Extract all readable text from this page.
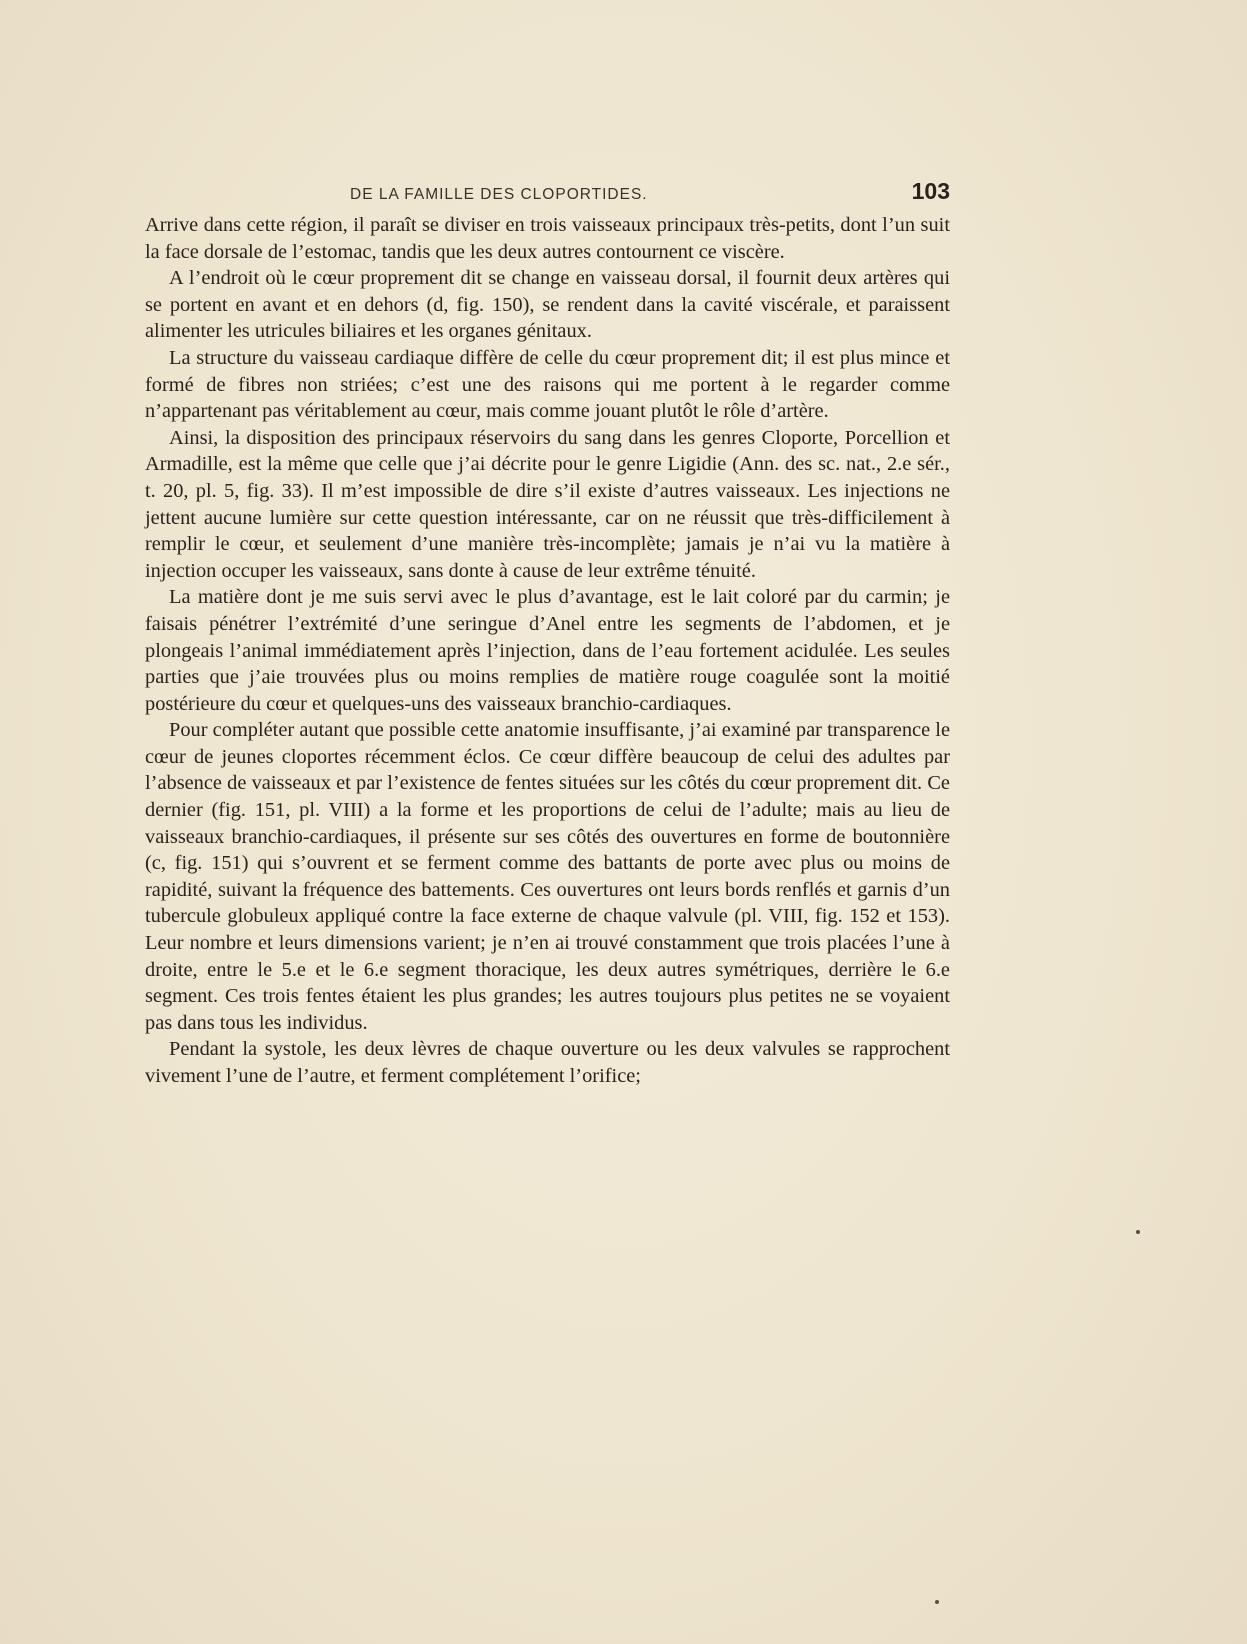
DE LA FAMILLE DES CLOPORTIDES.	103

Arrive dans cette région, il paraît se diviser en trois vaisseaux principaux très-petits, dont l’un suit la face dorsale de l’estomac, tandis que les deux autres contournent ce viscère.

A l’endroit où le cœur proprement dit se change en vaisseau dorsal, il fournit deux artères qui se portent en avant et en dehors (d, fig. 150), se rendent dans la cavité viscérale, et paraissent alimenter les utricules biliaires et les organes génitaux.

La structure du vaisseau cardiaque diffère de celle du cœur proprement dit; il est plus mince et formé de fibres non striées; c’est une des raisons qui me portent à le regarder comme n’appartenant pas véritablement au cœur, mais comme jouant plutôt le rôle d’artère.

Ainsi, la disposition des principaux réservoirs du sang dans les genres Cloporte, Porcellion et Armadille, est la même que celle que j’ai décrite pour le genre Ligidie (Ann. des sc. nat., 2.e sér., t. 20, pl. 5, fig. 33). Il m’est impossible de dire s’il existe d’autres vaisseaux. Les injections ne jettent aucune lumière sur cette question intéressante, car on ne réussit que très-difficilement à remplir le cœur, et seulement d’une manière très-incomplète; jamais je n’ai vu la matière à injection occuper les vaisseaux, sans donte à cause de leur extrême ténuité.

La matière dont je me suis servi avec le plus d’avantage, est le lait coloré par du carmin; je faisais pénétrer l’extrémité d’une seringue d’Anel entre les segments de l’abdomen, et je plongeais l’animal immédiatement après l’injection, dans de l’eau fortement acidulée. Les seules parties que j’aie trouvées plus ou moins remplies de matière rouge coagulée sont la moitié postérieure du cœur et quelques-uns des vaisseaux branchio-cardiaques.

Pour compléter autant que possible cette anatomie insuffisante, j’ai examiné par transparence le cœur de jeunes cloportes récemment éclos. Ce cœur diffère beaucoup de celui des adultes par l’absence de vaisseaux et par l’existence de fentes situées sur les côtés du cœur proprement dit. Ce dernier (fig. 151, pl. VIII) a la forme et les proportions de celui de l’adulte; mais au lieu de vaisseaux branchio-cardiaques, il présente sur ses côtés des ouvertures en forme de boutonnière (c, fig. 151) qui s’ouvrent et se ferment comme des battants de porte avec plus ou moins de rapidité, suivant la fréquence des battements. Ces ouvertures ont leurs bords renflés et garnis d’un tubercule globuleux appliqué contre la face externe de chaque valvule (pl. VIII, fig. 152 et 153). Leur nombre et leurs dimensions varient; je n’en ai trouvé constamment que trois placées l’une à droite, entre le 5.e et le 6.e segment thoracique, les deux autres symétriques, derrière le 6.e segment. Ces trois fentes étaient les plus grandes; les autres toujours plus petites ne se voyaient pas dans tous les individus.

Pendant la systole, les deux lèvres de chaque ouverture ou les deux valvules se rapprochent vivement l’une de l’autre, et ferment complétement l’orifice;
